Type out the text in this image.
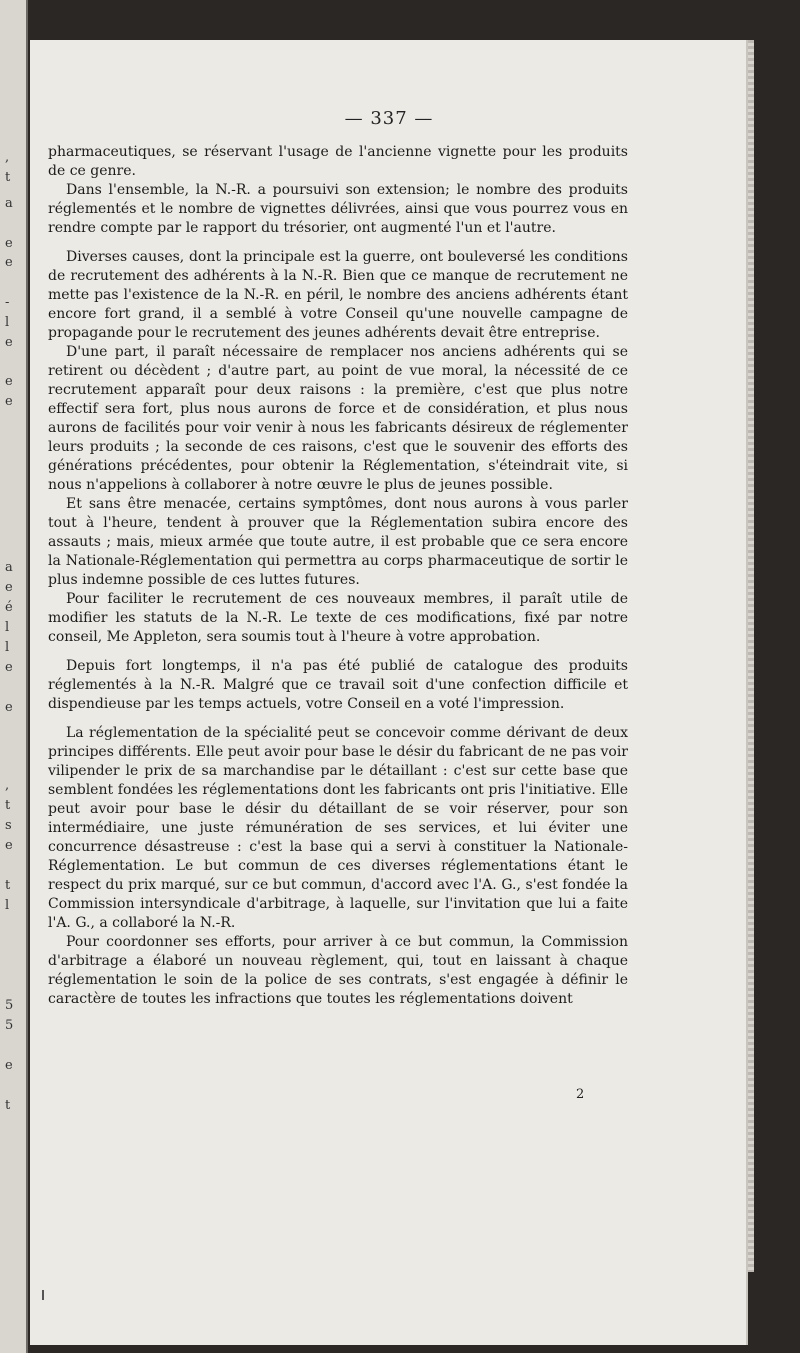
,
t
a
e
e
-
l
e
e
e
a
e
é
l
l
e
e
,
t
s
e
t
l
5
5
e
t
— 337 —

pharmaceutiques, se réservant l'usage de l'ancienne vignette pour les produits de ce genre.

Dans l'ensemble, la N.-R. a poursuivi son extension; le nombre des produits réglementés et le nombre de vignettes délivrées, ainsi que vous pourrez vous en rendre compte par le rapport du trésorier, ont augmenté l'un et l'autre.

Diverses causes, dont la principale est la guerre, ont bouleversé les conditions de recrutement des adhérents à la N.-R. Bien que ce manque de recrutement ne mette pas l'existence de la N.-R. en péril, le nombre des anciens adhérents étant encore fort grand, il a semblé à votre Conseil qu'une nouvelle campagne de propagande pour le recrutement des jeunes adhérents devait être entreprise.

D'une part, il paraît nécessaire de remplacer nos anciens adhérents qui se retirent ou décèdent ; d'autre part, au point de vue moral, la nécessité de ce recrutement apparaît pour deux raisons : la première, c'est que plus notre effectif sera fort, plus nous aurons de force et de considération, et plus nous aurons de facilités pour voir venir à nous les fabricants désireux de réglementer leurs produits ; la seconde de ces raisons, c'est que le souvenir des efforts des générations précédentes, pour obtenir la Réglementation, s'éteindrait vite, si nous n'appelions à collaborer à notre œuvre le plus de jeunes possible.

Et sans être menacée, certains symptômes, dont nous aurons à vous parler tout à l'heure, tendent à prouver que la Réglementation subira encore des assauts ; mais, mieux armée que toute autre, il est probable que ce sera encore la Nationale-Réglementation qui permettra au corps pharmaceutique de sortir le plus indemne possible de ces luttes futures.

Pour faciliter le recrutement de ces nouveaux membres, il paraît utile de modifier les statuts de la N.-R. Le texte de ces modifications, fixé par notre conseil, Me Appleton, sera soumis tout à l'heure à votre approbation.

Depuis fort longtemps, il n'a pas été publié de catalogue des produits réglementés à la N.-R. Malgré que ce travail soit d'une confection difficile et dispendieuse par les temps actuels, votre Conseil en a voté l'impression.

La réglementation de la spécialité peut se concevoir comme dérivant de deux principes différents. Elle peut avoir pour base le désir du fabricant de ne pas voir vilipender le prix de sa marchandise par le détaillant : c'est sur cette base que semblent fondées les réglementations dont les fabricants ont pris l'initiative. Elle peut avoir pour base le désir du détaillant de se voir réserver, pour son intermédiaire, une juste rémunération de ses services, et lui éviter une concurrence désastreuse : c'est la base qui a servi à constituer la Nationale-Réglementation. Le but commun de ces diverses réglementations étant le respect du prix marqué, sur ce but commun, d'accord avec l'A. G., s'est fondée la Commission intersyndicale d'arbitrage, à laquelle, sur l'invitation que lui a faite l'A. G., a collaboré la N.-R.

Pour coordonner ses efforts, pour arriver à ce but commun, la Commission d'arbitrage a élaboré un nouveau règlement, qui, tout en laissant à chaque réglementation le soin de la police de ses contrats, s'est engagée à définir le caractère de toutes les infractions que toutes les réglementations doivent

2
